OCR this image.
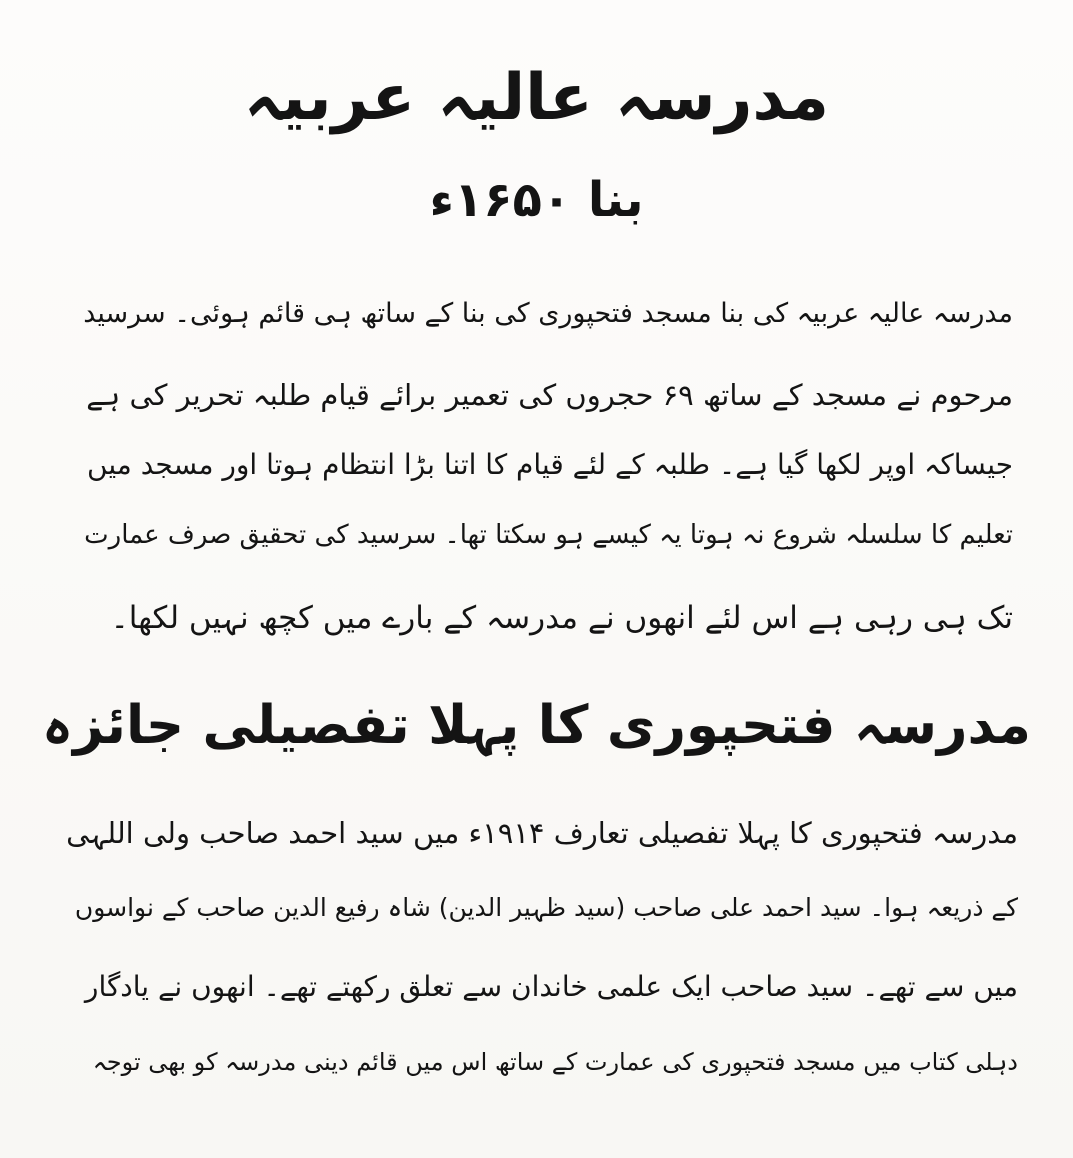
مدرسہ عالیہ عربیہ
بنا ۱۶۵۰ء
مدرسہ عالیہ عربیہ کی بنا مسجد فتحپوری کی بنا کے ساتھ ہی قائم ہوئی۔ سرسید
مرحوم نے مسجد کے ساتھ ۶۹ حجروں کی تعمیر برائے قیام طلبہ تحریر کی ہے
جیساکہ اوپر لکھا گیا ہے۔ طلبہ کے لئے قیام کا اتنا بڑا انتظام ہوتا اور مسجد میں
تعلیم کا سلسلہ شروع نہ ہوتا یہ کیسے ہو سکتا تھا۔ سرسید کی تحقیق صرف عمارت
تک ہی رہی ہے اس لئے انھوں نے مدرسہ کے بارے میں کچھ نہیں لکھا۔
مدرسہ فتحپوری کا پہلا تفصیلی جائزہ
مدرسہ فتحپوری کا پہلا تفصیلی تعارف ۱۹۱۴ء میں سید احمد صاحب ولی اللہی
کے ذریعہ ہوا۔ سید احمد علی صاحب (سید ظہیر الدین) شاہ رفیع الدین صاحب کے نواسوں
میں سے تھے۔ سید صاحب ایک علمی خاندان سے تعلق رکھتے تھے۔ انھوں نے یادگار
دہلی کتاب میں مسجد فتحپوری کی عمارت کے ساتھ اس میں قائم دینی مدرسہ کو بھی توجہ
